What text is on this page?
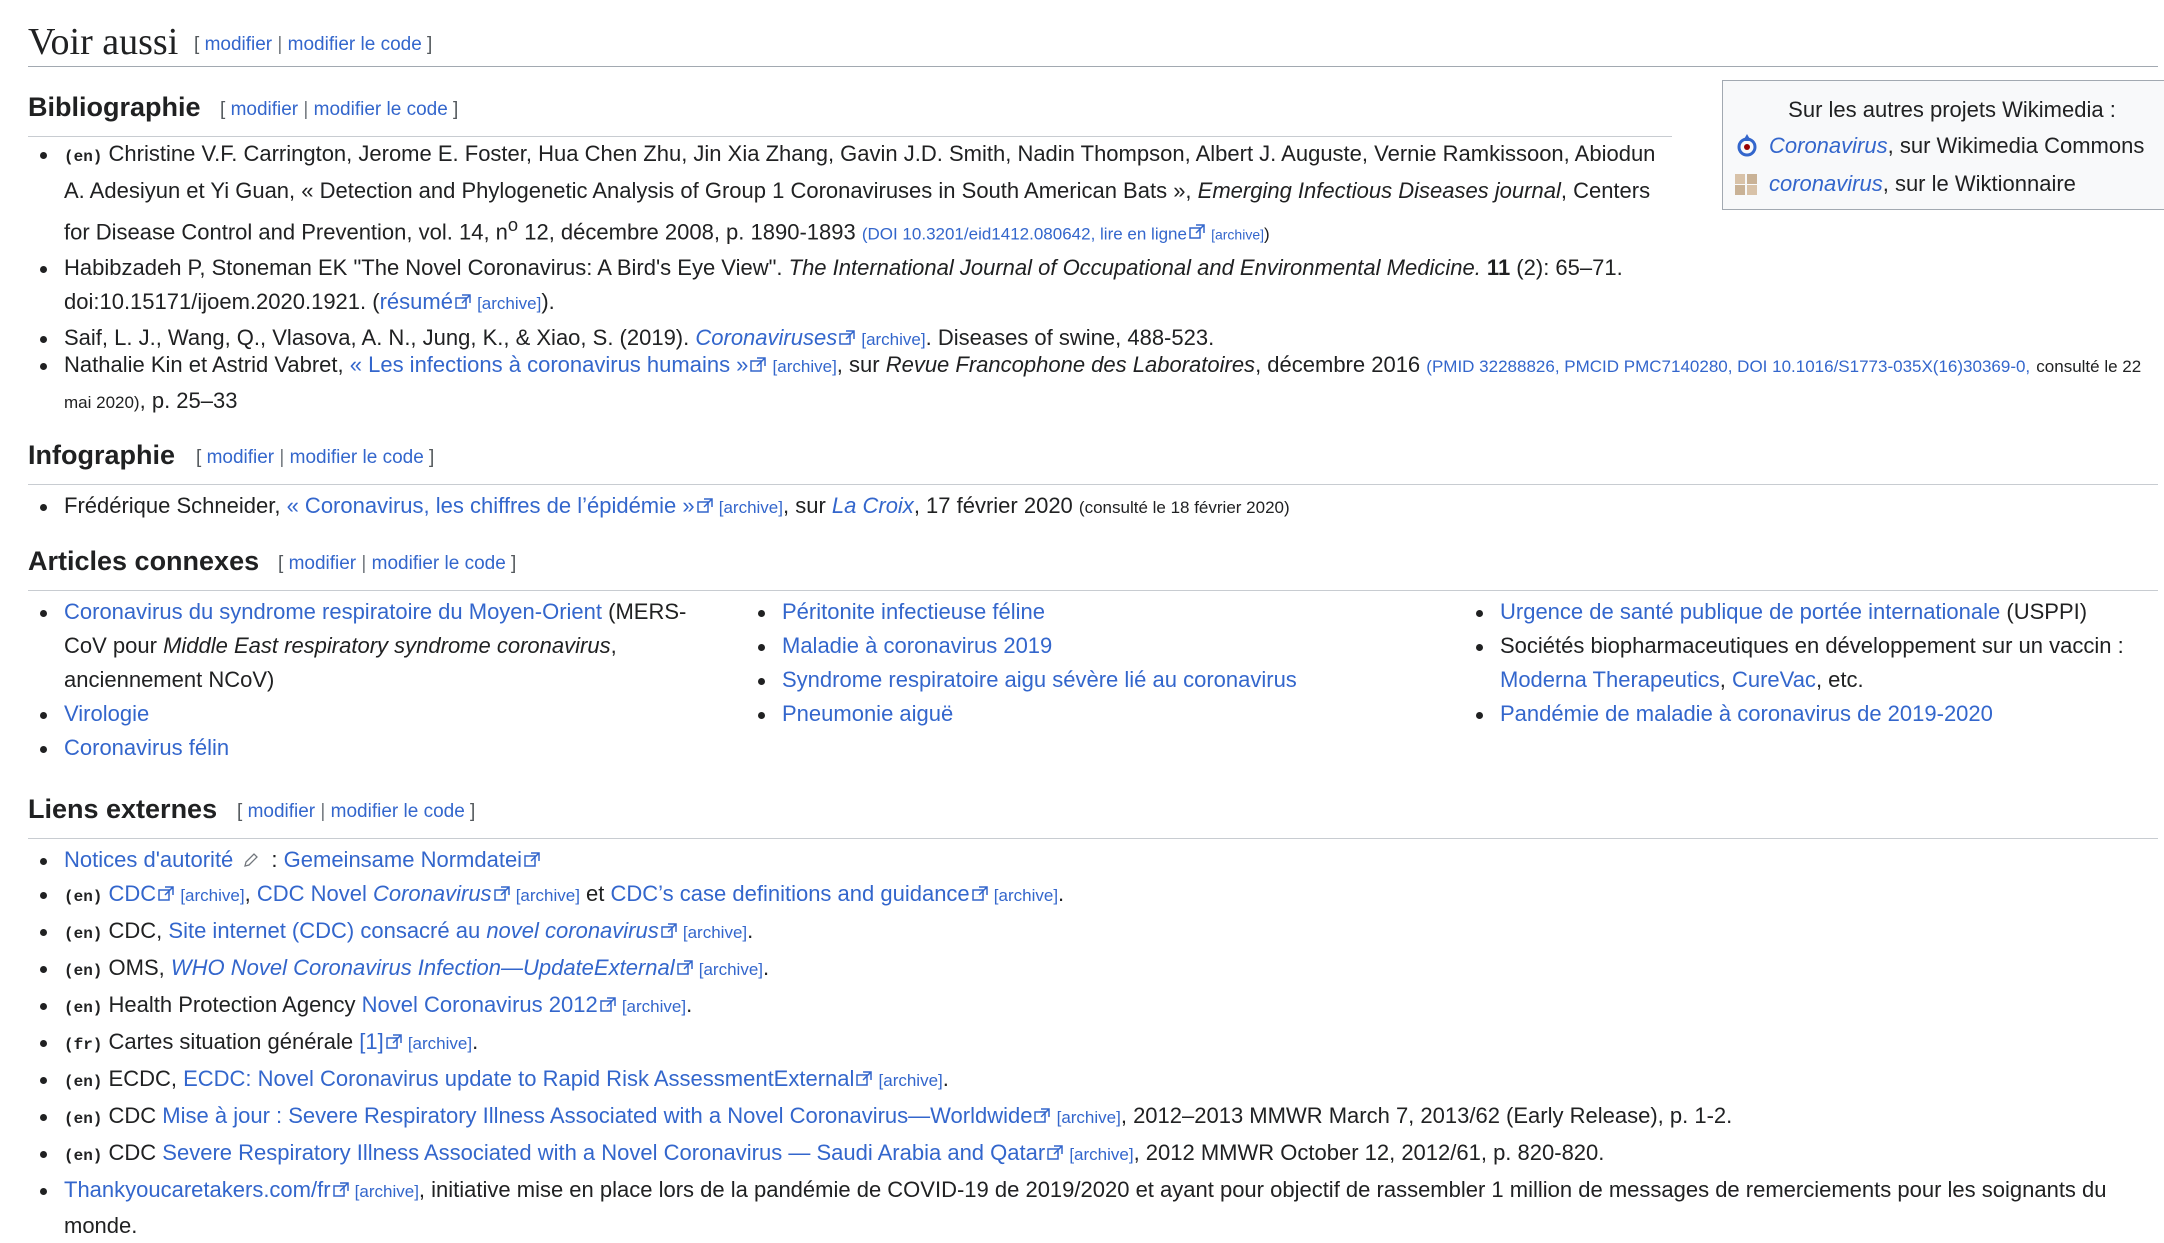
Voir aussi [ modifier | modifier le code ]
Sur les autres projets Wikimedia :
Coronavirus , sur Wikimedia Commons
coronavirus , sur le Wiktionnaire
Bibliographie [ modifier | modifier le code ]
(en) Christine V.F. Carrington, Jerome E. Foster, Hua Chen Zhu, Jin Xia Zhang, Gavin J.D. Smith, Nadin Thompson, Albert J. Auguste, Vernie Ramkissoon, Abiodun A. Adesiyun et Yi Guan, « Detection and Phylogenetic Analysis of Group 1 Coronaviruses in South American Bats », Emerging Infectious Diseases journal, Centers for Disease Control and Prevention, vol. 14, $n^o$ 12, décembre 2008, p. 1890-1893 (DOI 10.3201/eid1412.080642, lire en ligne [archive])
Habibzadeh P, Stoneman EK "The Novel Coronavirus: A Bird's Eye View". The International Journal of Occupational and Environmental Medicine. 11 (2): 65–71. doi:10.15171/ijoem.2020.1921. (résumé [archive]).
Saif, L. J., Wang, Q., Vlasova, A. N., Jung, K., & Xiao, S. (2019). Coronaviruses [archive]. Diseases of swine, 488-523.
Nathalie Kin et Astrid Vabret, « Les infections à coronavirus humains » [archive], sur Revue Francophone des Laboratoires, décembre 2016 (PMID 32288826, PMCID PMC7140280, DOI 10.1016/S1773-035X(16)30369-0, consulté le 22 mai 2020), p. 25–33
Infographie [ modifier | modifier le code ]
Frédérique Schneider, « Coronavirus, les chiffres de l’épidémie » [archive], sur La Croix, 17 février 2020 (consulté le 18 février 2020)
Articles connexes [ modifier | modifier le code ]
Coronavirus du syndrome respiratoire du Moyen-Orient (MERS-CoV pour Middle East respiratory syndrome coronavirus, anciennement NCoV)
Virologie
Coronavirus félin
Péritonite infectieuse féline
Maladie à coronavirus 2019
Syndrome respiratoire aigu sévère lié au coronavirus
Pneumonie aiguë
Urgence de santé publique de portée internationale (USPPI)
Sociétés biopharmaceutiques en développement sur un vaccin : Moderna Therapeutics, CureVac, etc.
Pandémie de maladie à coronavirus de 2019-2020
Liens externes [ modifier | modifier le code ]
Notices d'autorité : Gemeinsame Normdatei
(en) CDC [archive], CDC Novel Coronavirus [archive] et CDC’s case definitions and guidance [archive].
(en) CDC, Site internet (CDC) consacré au novel coronavirus [archive].
(en) OMS, WHO Novel Coronavirus Infection—UpdateExternal [archive].
(en) Health Protection Agency Novel Coronavirus 2012 [archive].
(fr) Cartes situation générale [1] [archive].
(en) ECDC, ECDC: Novel Coronavirus update to Rapid Risk AssessmentExternal [archive].
(en) CDC Mise à jour : Severe Respiratory Illness Associated with a Novel Coronavirus—Worldwide [archive], 2012–2013 MMWR March 7, 2013/62 (Early Release), p. 1-2.
(en) CDC Severe Respiratory Illness Associated with a Novel Coronavirus — Saudi Arabia and Qatar [archive], 2012 MMWR October 12, 2012/61, p. 820-820.
Thankyoucaretakers.com/fr [archive], initiative mise en place lors de la pandémie de COVID-19 de 2019/2020 et ayant pour objectif de rassembler 1 million de messages de remerciements pour les soignants du monde.
